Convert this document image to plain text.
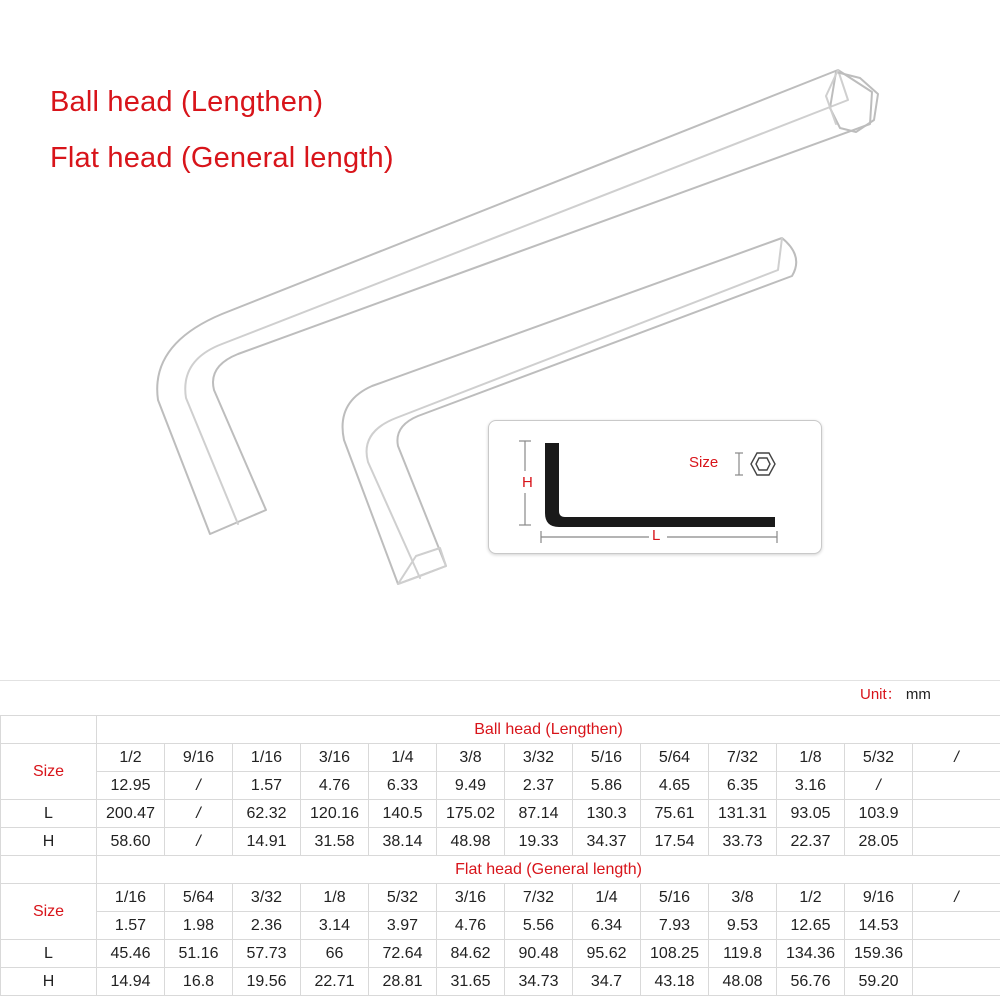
Ball head (Lengthen)
Flat head (General length)
H
L
Size
Unit： mm
	Ball head (Lengthen)												
Size	1/2	9/16	1/16	3/16	1/4	3/8	3/32	5/16	5/64	7/32	1/8	5/32	/
	12.95	/	1.57	4.76	6.33	9.49	2.37	5.86	4.65	6.35	3.16	/	
L	200.47	/	62.32	120.16	140.5	175.02	87.14	130.3	75.61	131.31	93.05	103.9	
H	58.60	/	14.91	31.58	38.14	48.98	19.33	34.37	17.54	33.73	22.37	28.05	
	Flat head (General length)												
Size	1/16	5/64	3/32	1/8	5/32	3/16	7/32	1/4	5/16	3/8	1/2	9/16	/
	1.57	1.98	2.36	3.14	3.97	4.76	5.56	6.34	7.93	9.53	12.65	14.53	
L	45.46	51.16	57.73	66	72.64	84.62	90.48	95.62	108.25	119.8	134.36	159.36	
H	14.94	16.8	19.56	22.71	28.81	31.65	34.73	34.7	43.18	48.08	56.76	59.20	
